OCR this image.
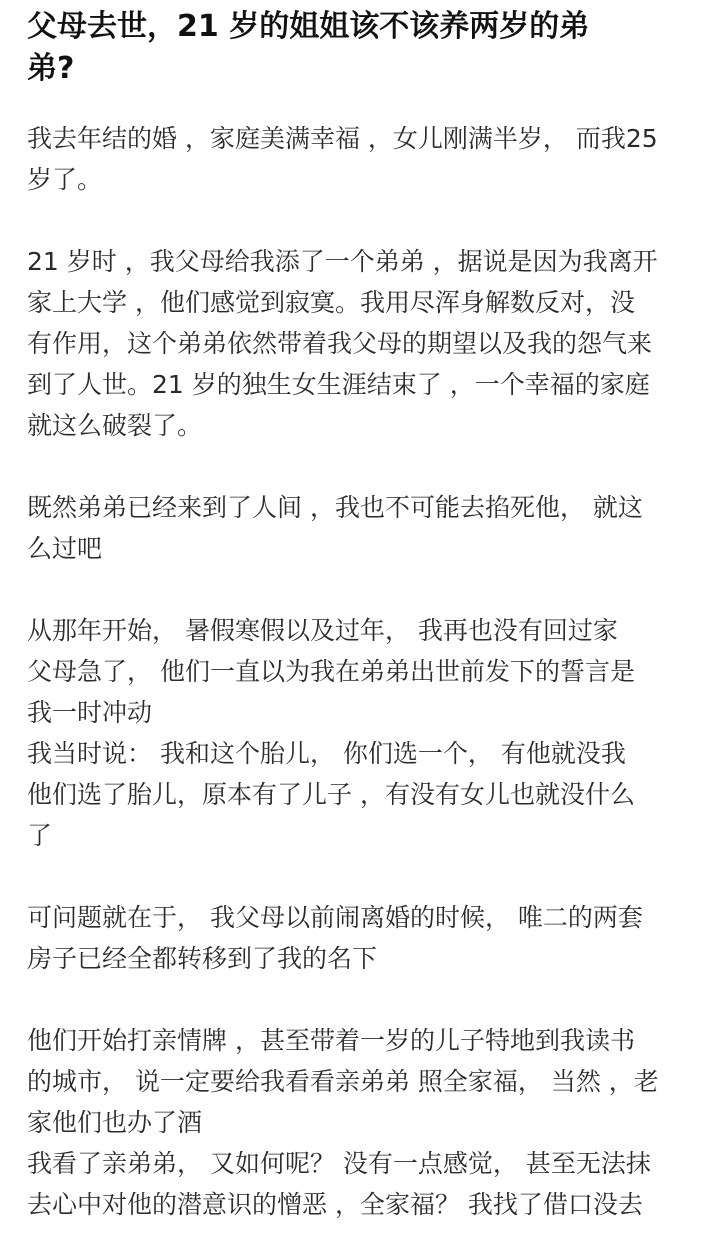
父母去世，21 岁的姐姐该不该养两岁的弟
弟?

我去年结的婚 ，家庭美满幸福 ，女儿刚满半岁， 而我25
岁了。

21 岁时 ，我父母给我添了一个弟弟 ，据说是因为我离开
家上大学 ，他们感觉到寂寞。我用尽浑身解数反对，没
有作用，这个弟弟依然带着我父母的期望以及我的怨气来
到了人世。21 岁的独生女生涯结束了 ，一个幸福的家庭
就这么破裂了。

既然弟弟已经来到了人间 ，我也不可能去掐死他， 就这
么过吧

从那年开始， 暑假寒假以及过年， 我再也没有回过家
父母急了， 他们一直以为我在弟弟出世前发下的誓言是
我一时冲动
我当时说： 我和这个胎儿， 你们选一个， 有他就没我
他们选了胎儿，原本有了儿子 ，有没有女儿也就没什么
了

可问题就在于， 我父母以前闹离婚的时候， 唯二的两套
房子已经全都转移到了我的名下

他们开始打亲情牌 ，甚至带着一岁的儿子特地到我读书
的城市， 说一定要给我看看亲弟弟 照全家福， 当然 ，老
家他们也办了酒
我看了亲弟弟， 又如何呢？ 没有一点感觉， 甚至无法抹
去心中对他的潜意识的憎恶 ，全家福？ 我找了借口没去
